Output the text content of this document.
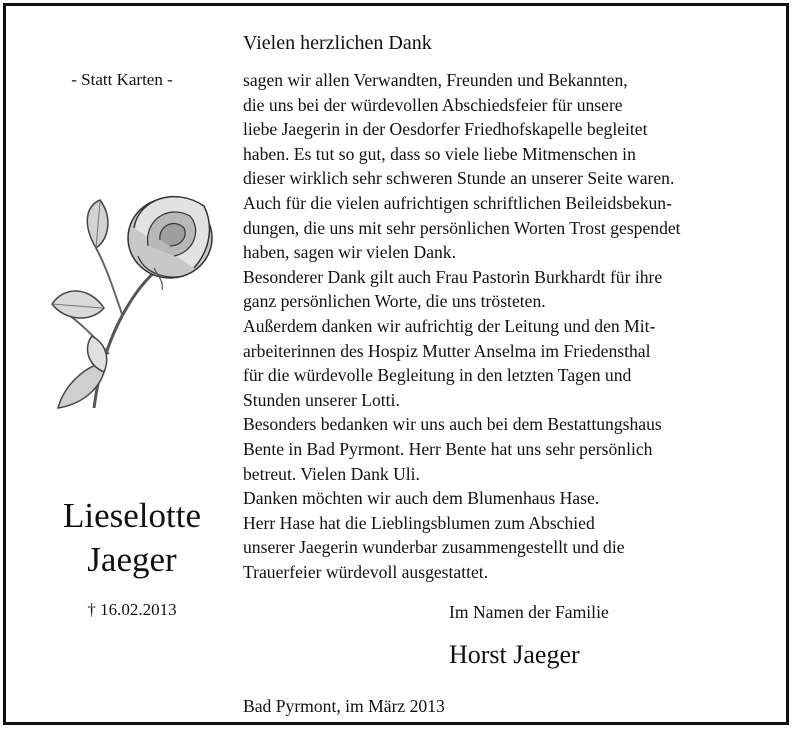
- Statt Karten -
Lieselotte
Jaeger
† 16.02.2013
Vielen herzlichen Dank
sagen wir allen Verwandten, Freunden und Bekannten,
die uns bei der würdevollen Abschiedsfeier für unsere
liebe Jaegerin in der Oesdorfer Friedhofskapelle begleitet
haben. Es tut so gut, dass so viele liebe Mitmenschen in
dieser wirklich sehr schweren Stunde an unserer Seite waren.
Auch für die vielen aufrichtigen schriftlichen Beileidsbekun-
dungen, die uns mit sehr persönlichen Worten Trost gespendet
haben, sagen wir vielen Dank.
Besonderer Dank gilt auch Frau Pastorin Burkhardt für ihre
ganz persönlichen Worte, die uns trösteten.
Außerdem danken wir aufrichtig der Leitung und den Mit-
arbeiterinnen des Hospiz Mutter Anselma im Friedensthal
für die würdevolle Begleitung in den letzten Tagen und
Stunden unserer Lotti.
Besonders bedanken wir uns auch bei dem Bestattungshaus
Bente in Bad Pyrmont. Herr Bente hat uns sehr persönlich
betreut. Vielen Dank Uli.
Danken möchten wir auch dem Blumenhaus Hase.
Herr Hase hat die Lieblingsblumen zum Abschied
unserer Jaegerin wunderbar zusammengestellt und die
Trauerfeier würdevoll ausgestattet.
Im Namen der Familie
Horst Jaeger
Bad Pyrmont, im März 2013
